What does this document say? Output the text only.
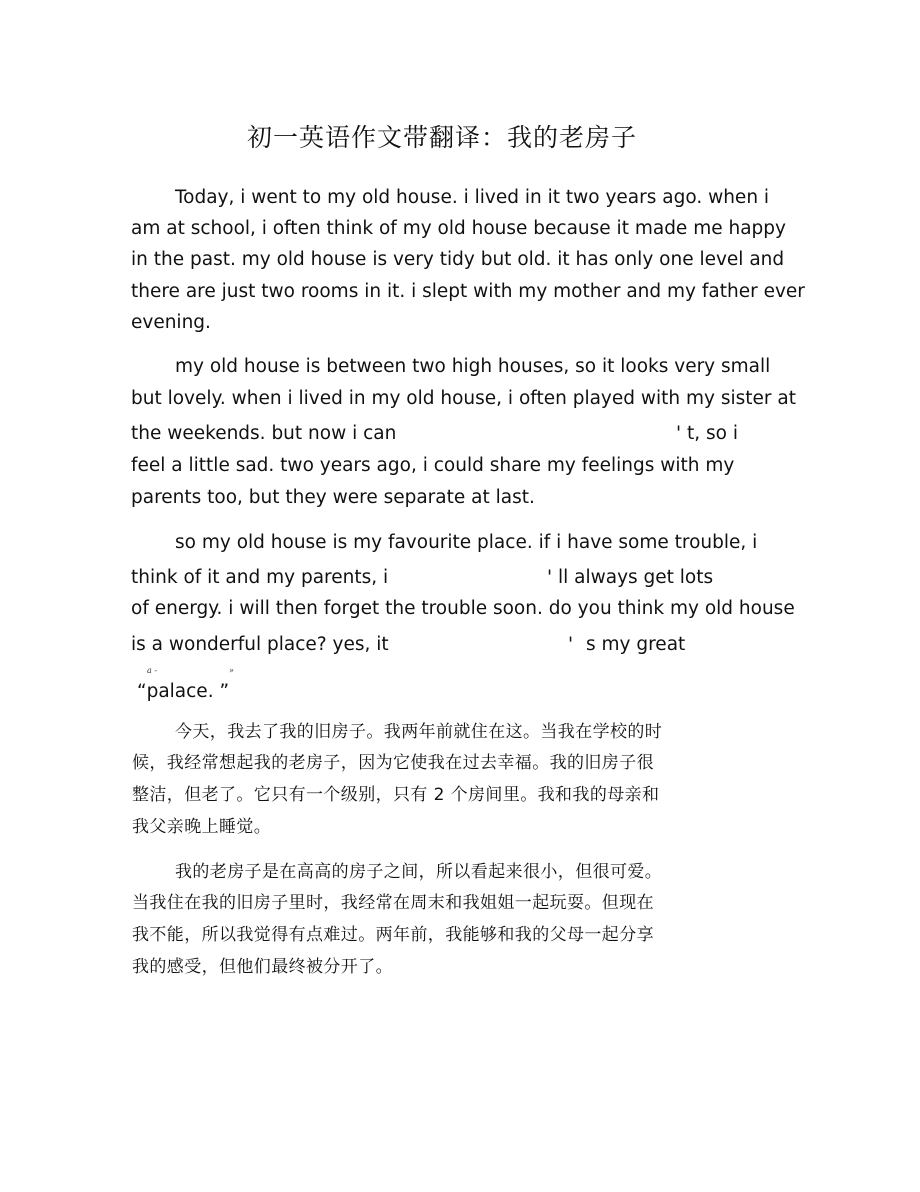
初一英语作文带翻译：我的老房子
Today, i went to my old house. i lived in it two years ago. when i
am at school, i often think of my old house because it made me happy
in the past. my old house is very tidy but old. it has only one level and
there are just two rooms in it. i slept with my mother and my father ever
evening.
my old house is between two high houses, so it looks very small
but lovely. when i lived in my old house, i often played with my sister at
the weekends. but now i can	' t, so i
feel a little sad. two years ago, i could share my feelings with my
parents too, but they were separate at last.
so my old house is my favourite place. if i have some trouble, i
think of it and my parents, i	' ll always get lots
of energy. i will then forget the trouble soon. do you think my old house
is a wonderful place? yes, it	' s my great
a -	»
“palace. ”
今天，我去了我的旧房子。我两年前就住在这。当我在学校的时
候，我经常想起我的老房子，因为它使我在过去幸福。我的旧房子很
整洁，但老了。它只有一个级别，只有 2 个房间里。我和我的母亲和
我父亲晚上睡觉。
我的老房子是在高高的房子之间，所以看起来很小，但很可爱。
当我住在我的旧房子里时，我经常在周末和我姐姐一起玩耍。但现在
我不能，所以我觉得有点难过。两年前，我能够和我的父母一起分享
我的感受，但他们最终被分开了。
